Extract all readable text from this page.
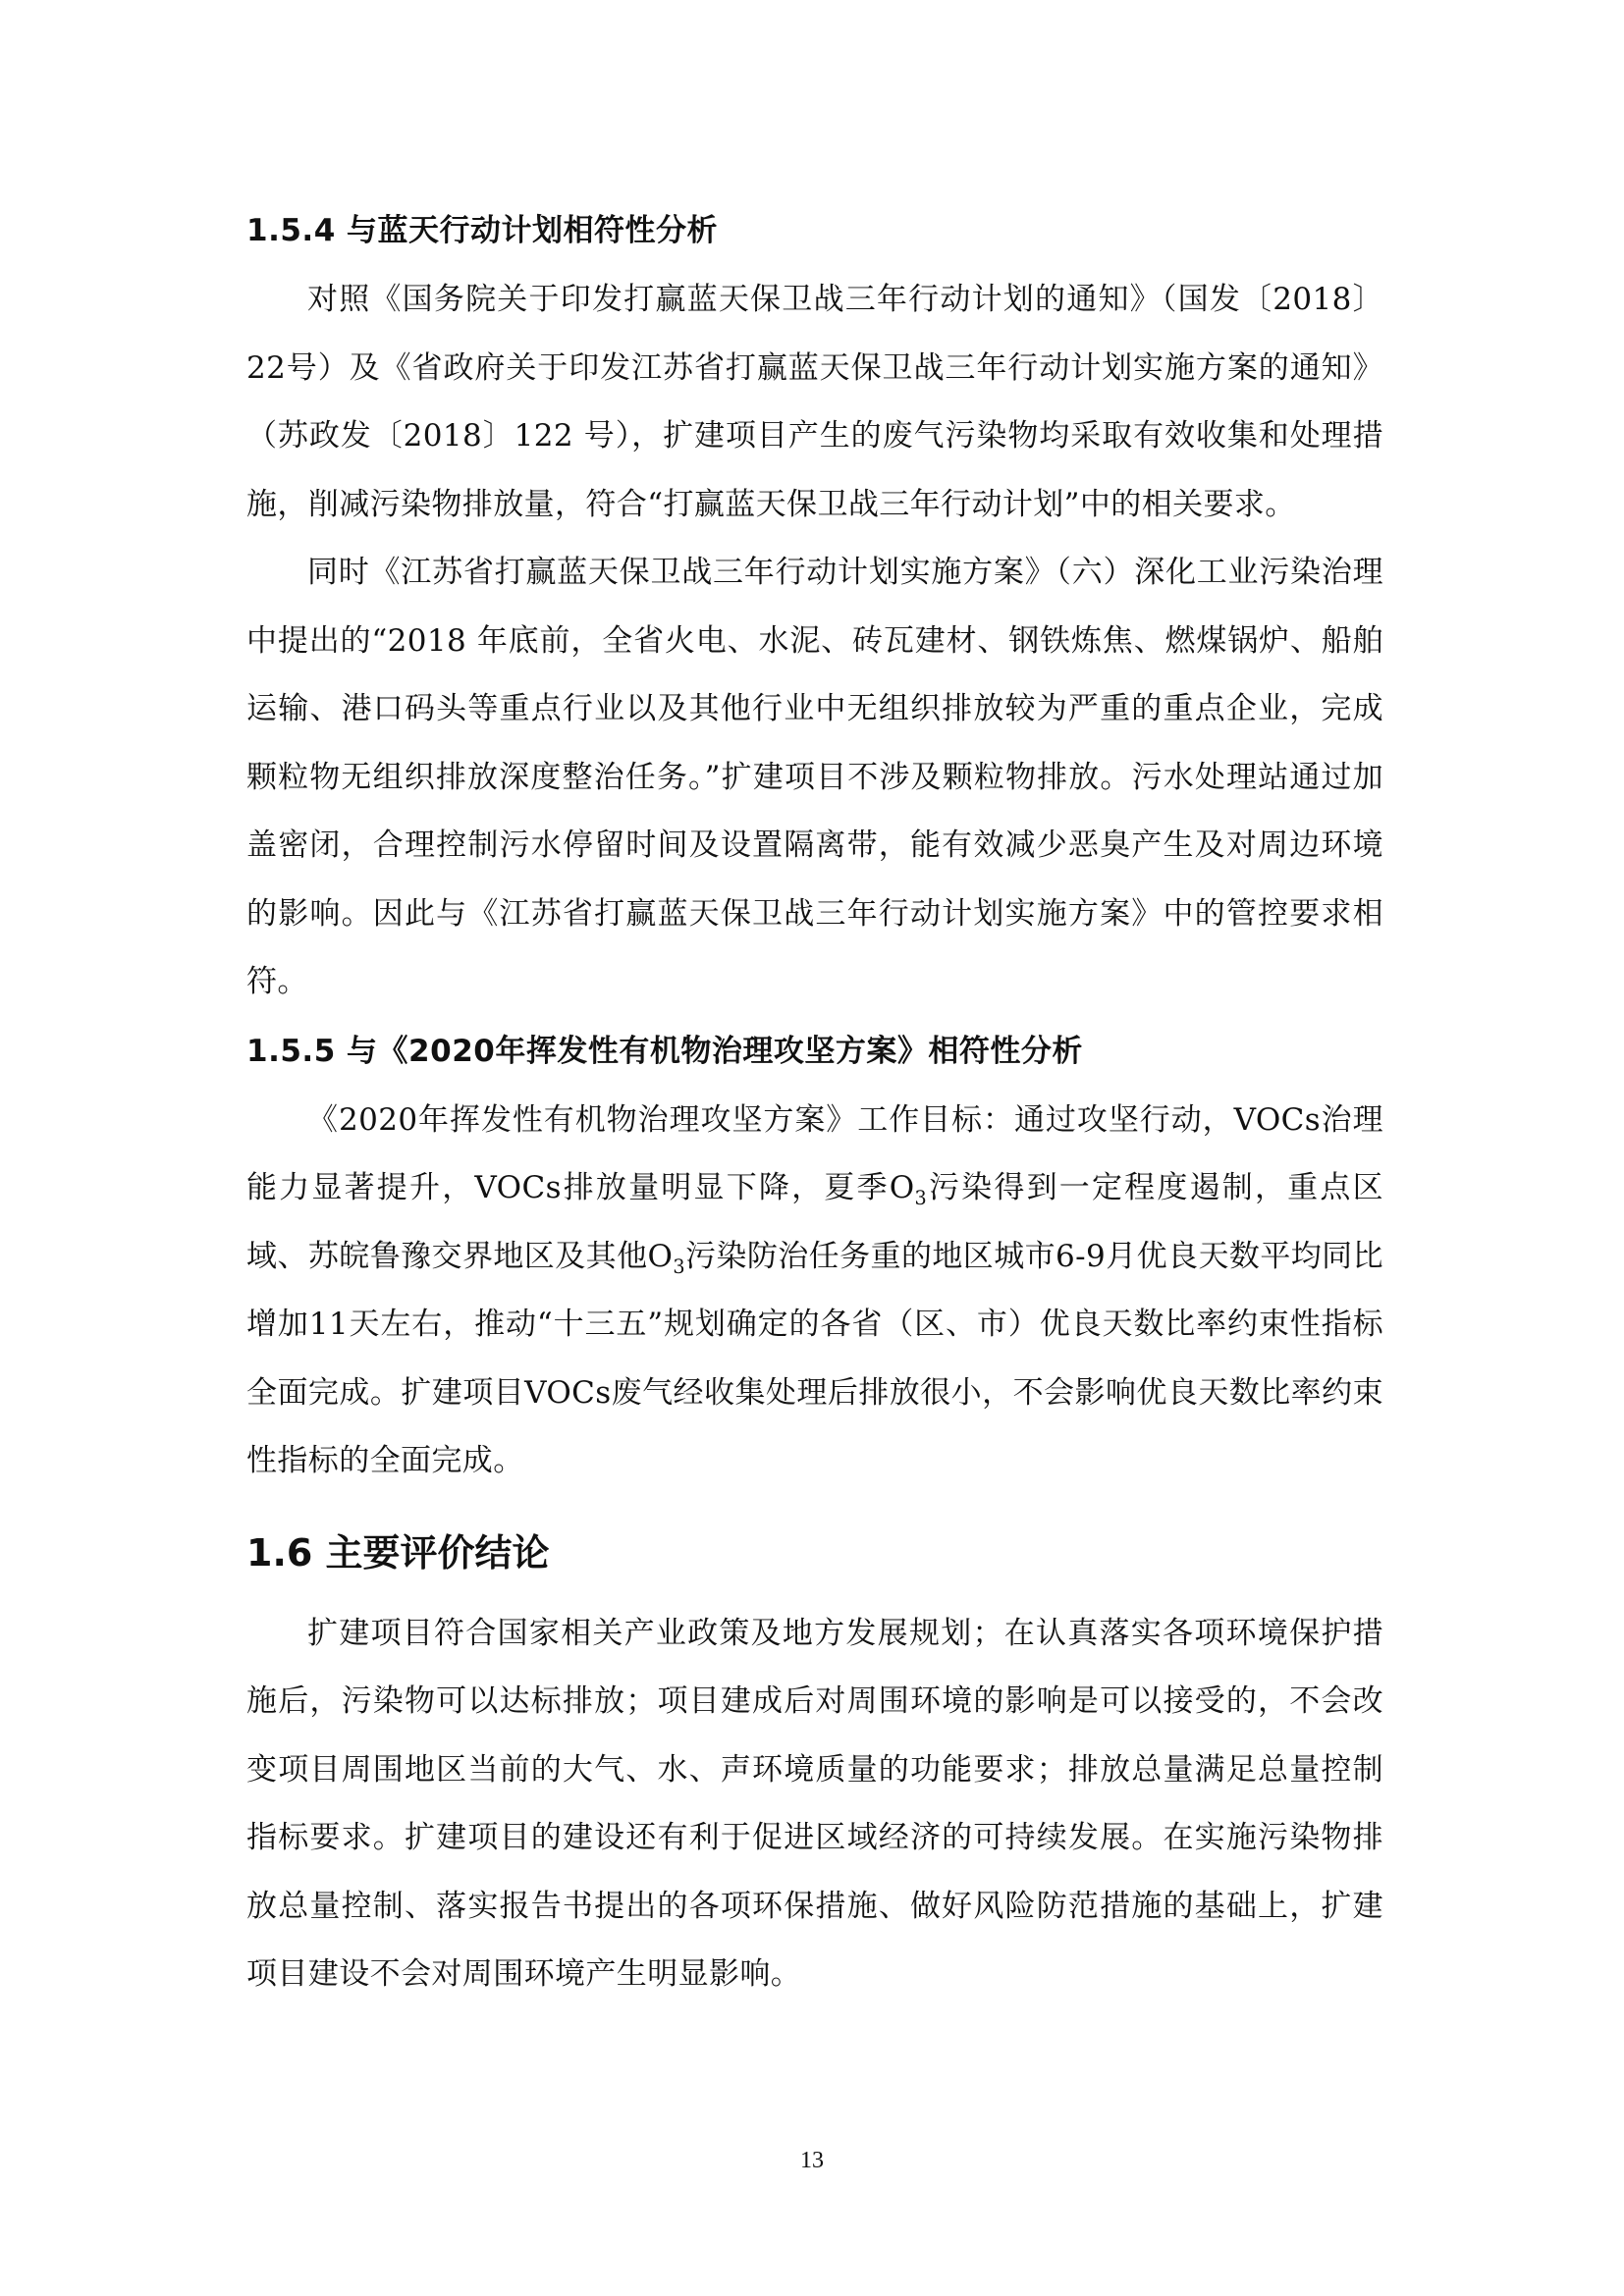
1.5.4 与蓝天行动计划相符性分析

对照《国务院关于印发打赢蓝天保卫战三年行动计划的通知》（国发〔2018〕22号）及《省政府关于印发江苏省打赢蓝天保卫战三年行动计划实施方案的通知》（苏政发〔2018〕122 号），扩建项目产生的废气污染物均采取有效收集和处理措施，削减污染物排放量，符合“打赢蓝天保卫战三年行动计划”中的相关要求。

同时《江苏省打赢蓝天保卫战三年行动计划实施方案》（六）深化工业污染治理中提出的“2018 年底前，全省火电、水泥、砖瓦建材、钢铁炼焦、燃煤锅炉、船舶运输、港口码头等重点行业以及其他行业中无组织排放较为严重的重点企业，完成颗粒物无组织排放深度整治任务。”扩建项目不涉及颗粒物排放。污水处理站通过加盖密闭，合理控制污水停留时间及设置隔离带，能有效减少恶臭产生及对周边环境的影响。因此与《江苏省打赢蓝天保卫战三年行动计划实施方案》中的管控要求相符。

1.5.5 与《2020年挥发性有机物治理攻坚方案》相符性分析

《2020年挥发性有机物治理攻坚方案》工作目标：通过攻坚行动，VOCs治理能力显著提升，VOCs排放量明显下降，夏季$O_3$污染得到一定程度遏制，重点区域、苏皖鲁豫交界地区及其他$O_3$污染防治任务重的地区城市6-9月优良天数平均同比增加11天左右，推动“十三五”规划确定的各省（区、市）优良天数比率约束性指标全面完成。扩建项目VOCs废气经收集处理后排放很小，不会影响优良天数比率约束性指标的全面完成。

1.6 主要评价结论

扩建项目符合国家相关产业政策及地方发展规划；在认真落实各项环境保护措施后，污染物可以达标排放；项目建成后对周围环境的影响是可以接受的，不会改变项目周围地区当前的大气、水、声环境质量的功能要求；排放总量满足总量控制指标要求。扩建项目的建设还有利于促进区域经济的可持续发展。在实施污染物排放总量控制、落实报告书提出的各项环保措施、做好风险防范措施的基础上，扩建项目建设不会对周围环境产生明显影响。

13
